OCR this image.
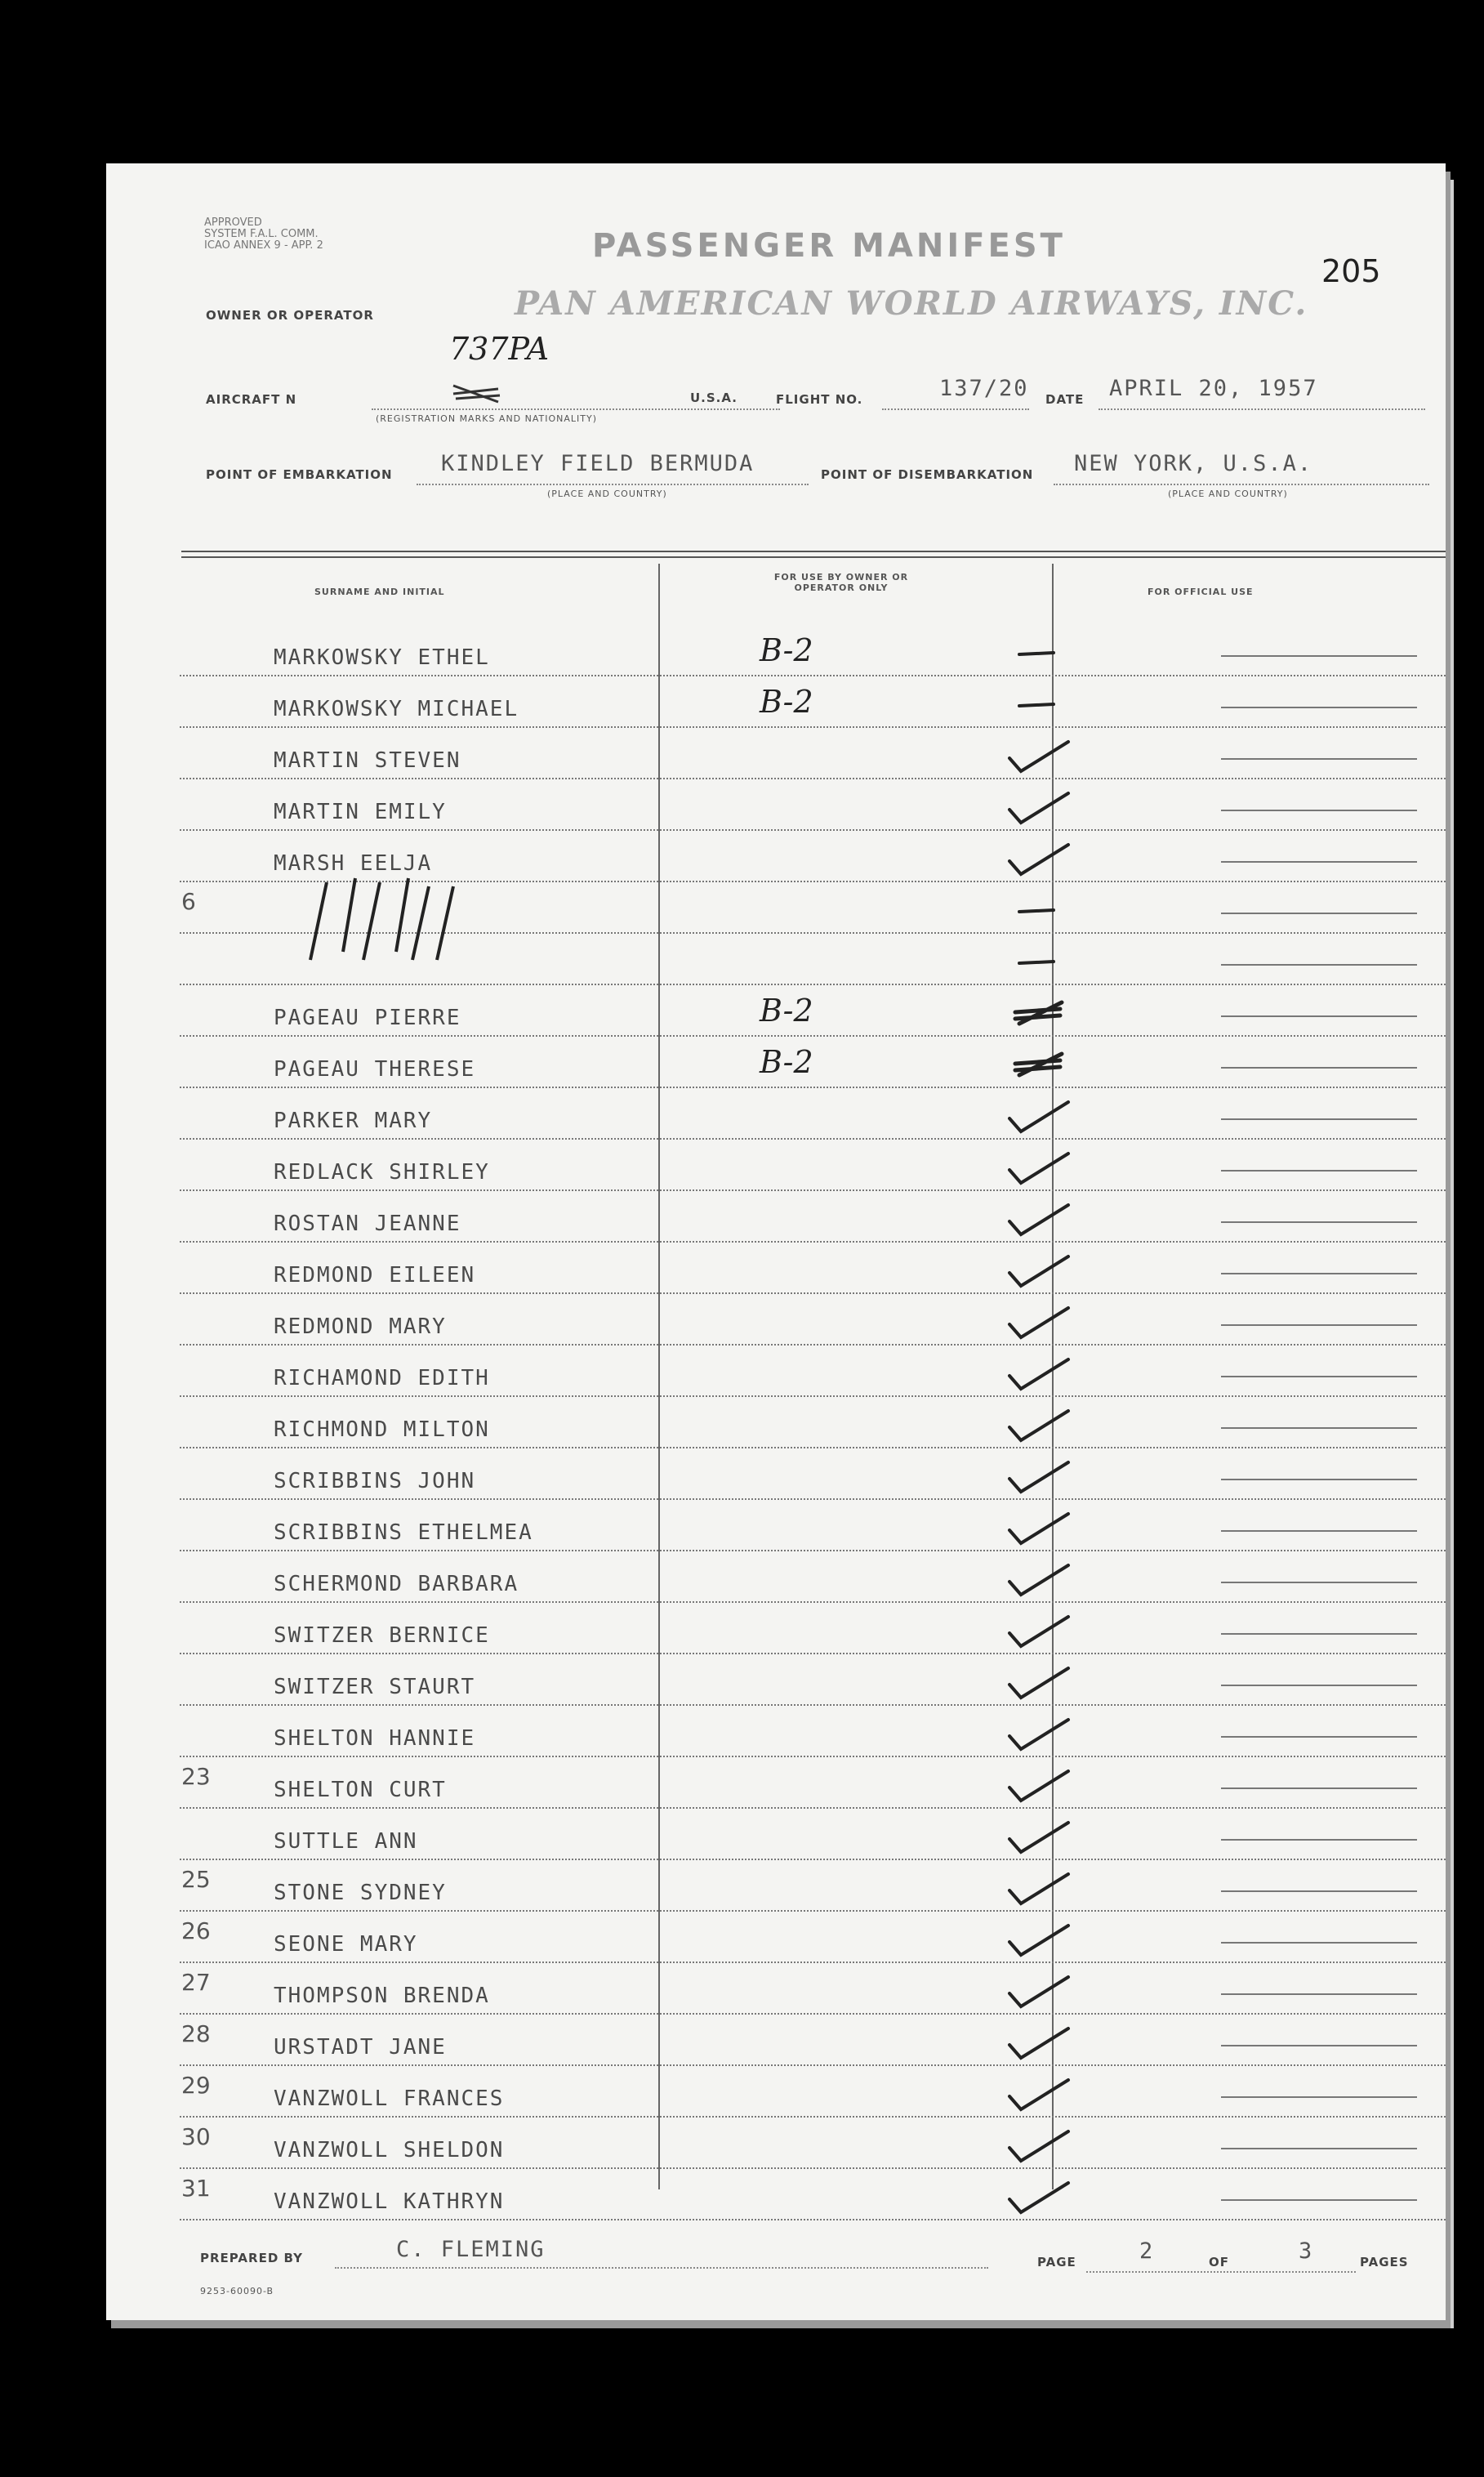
APPROVED
SYSTEM F.A.L. COMM.
ICAO ANNEX 9 - APP. 2	PASSENGER MANIFEST
205
OWNER OR OPERATOR	PAN AMERICAN WORLD AIRWAYS, INC.
AIRCRAFT N
737PA
(REGISTRATION MARKS AND NATIONALITY)
U.S.A.	FLIGHT NO.	137/20 DATE APRIL 20, 1957
POINT OF EMBARKATION KINDLEY FIELD BERMUDA
(PLACE AND COUNTRY)
POINT OF DISEMBARKATION NEW YORK, U.S.A.
(PLACE AND COUNTRY)
SURNAME AND INITIAL
FOR USE BY OWNER OR OPERATOR ONLY	FOR OFFICIAL USE
MARKOWSKY ETHEL	B-2
MARKOWSKY MICHAEL	B-2
MARTIN STEVEN
MARTIN EMILY
MARSH EELJA
6
PAGEAU PIERRE	B-2
PAGEAU THERESE	B-2
PARKER MARY
REDLACK SHIRLEY
ROSTAN JEANNE
REDMOND EILEEN
REDMOND MARY
RICHAMOND EDITH
RICHMOND MILTON
SCRIBBINS JOHN
SCRIBBINS ETHELMEA
SCHERMOND BARBARA
SWITZER BERNICE
SWITZER STAURT
SHELTON HANNIE
23	SHELTON CURT
SUTTLE ANN
25	STONE SYDNEY
26	SEONE MARY
27	THOMPSON BRENDA
28	URSTADT JANE
29	VANZWOLL FRANCES
30	VANZWOLL SHELDON
31	VANZWOLL KATHRYN
PREPARED BY	C. FLEMING	PAGE	2	OF	3	PAGES
9253-60090-B
